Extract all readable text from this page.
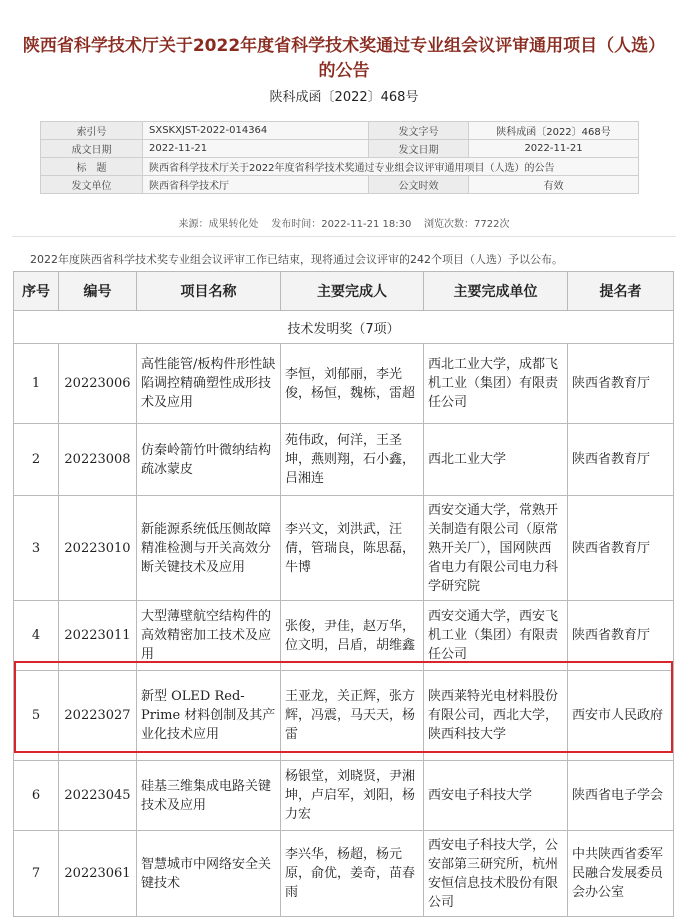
陕西省科学技术厅关于2022年度省科学技术奖通过专业组会议评审通用项目（人选）
的公告
陕科成函〔2022〕468号
索引号	SXSKXJST-2022-014364	发文字号	陕科成函〔2022〕468号
成文日期	2022-11-21	发文日期	2022-11-21
标　题	陕西省科学技术厅关于2022年度省科学技术奖通过专业组会议评审通用项目（人选）的公告		
发文单位	陕西省科学技术厅	公文时效	有效
来源：成果转化处 发布时间：2022-11-21 18:30 浏览次数：7722次
2022年度陕西省科学技术奖专业组会议评审工作已结束，现将通过会议评审的242个项目（人选）予以公布。
序号	编号	项目名称	主要完成人	主要完成单位	提名者
技术发明奖（7项）					
1	20223006	高性能管/板构件形性缺陷调控精确塑性成形技术及应用	李恒，刘郁丽，李光俊，杨恒，魏栋，雷超	西北工业大学，成都飞机工业（集团）有限责任公司	陕西省教育厅
2	20223008	仿秦岭箭竹叶微纳结构疏冰蒙皮	苑伟政，何洋，王圣坤，燕则翔，石小鑫，吕湘连	西北工业大学	陕西省教育厅
3	20223010	新能源系统低压侧故障精准检测与开关高效分断关键技术及应用	李兴文，刘洪武，汪倩，管瑞良，陈思磊，牛博	西安交通大学，常熟开关制造有限公司（原常熟开关厂），国网陕西省电力有限公司电力科学研究院	陕西省教育厅
4	20223011	大型薄壁航空结构件的高效精密加工技术及应用	张俊，尹佳，赵万华，位文明，吕盾，胡维鑫	西安交通大学，西安飞机工业（集团）有限责任公司	陕西省教育厅
5	20223027	新型 OLED Red-Prime 材料创制及其产业化技术应用	王亚龙，关正辉，张方辉，冯震，马天天，杨雷	陕西莱特光电材料股份有限公司，西北大学，陕西科技大学	西安市人民政府
6	20223045	硅基三维集成电路关键技术及应用	杨银堂，刘晓贤，尹湘坤，卢启军，刘阳，杨力宏	西安电子科技大学	陕西省电子学会
7	20223061	智慧城市中网络安全关键技术	李兴华，杨超，杨元原，俞优，姜奇，苗春雨	西安电子科技大学，公安部第三研究所，杭州安恒信息技术股份有限公司	中共陕西省委军民融合发展委员会办公室
